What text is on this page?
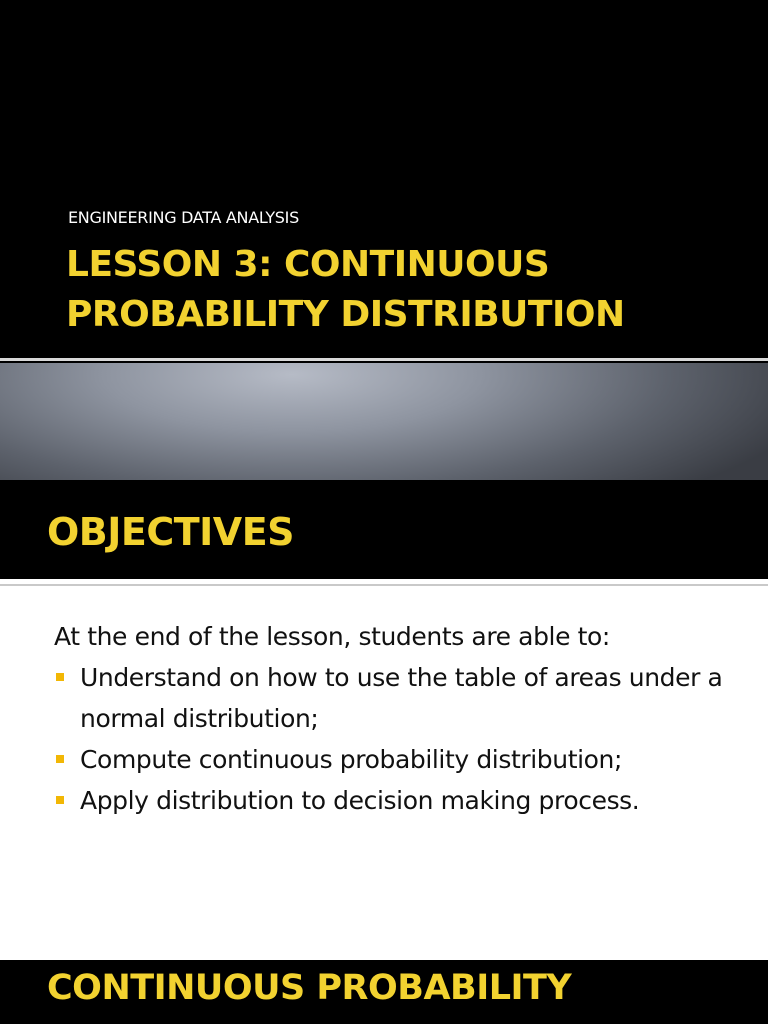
ENGINEERING DATA ANALYSIS
LESSON 3: CONTINUOUS
PROBABILITY DISTRIBUTION
OBJECTIVES
At the end of the lesson, students are able to:
Understand on how to use the table of areas under a normal distribution;
Compute continuous probability distribution;
Apply distribution to decision making process.
CONTINUOUS PROBABILITY
